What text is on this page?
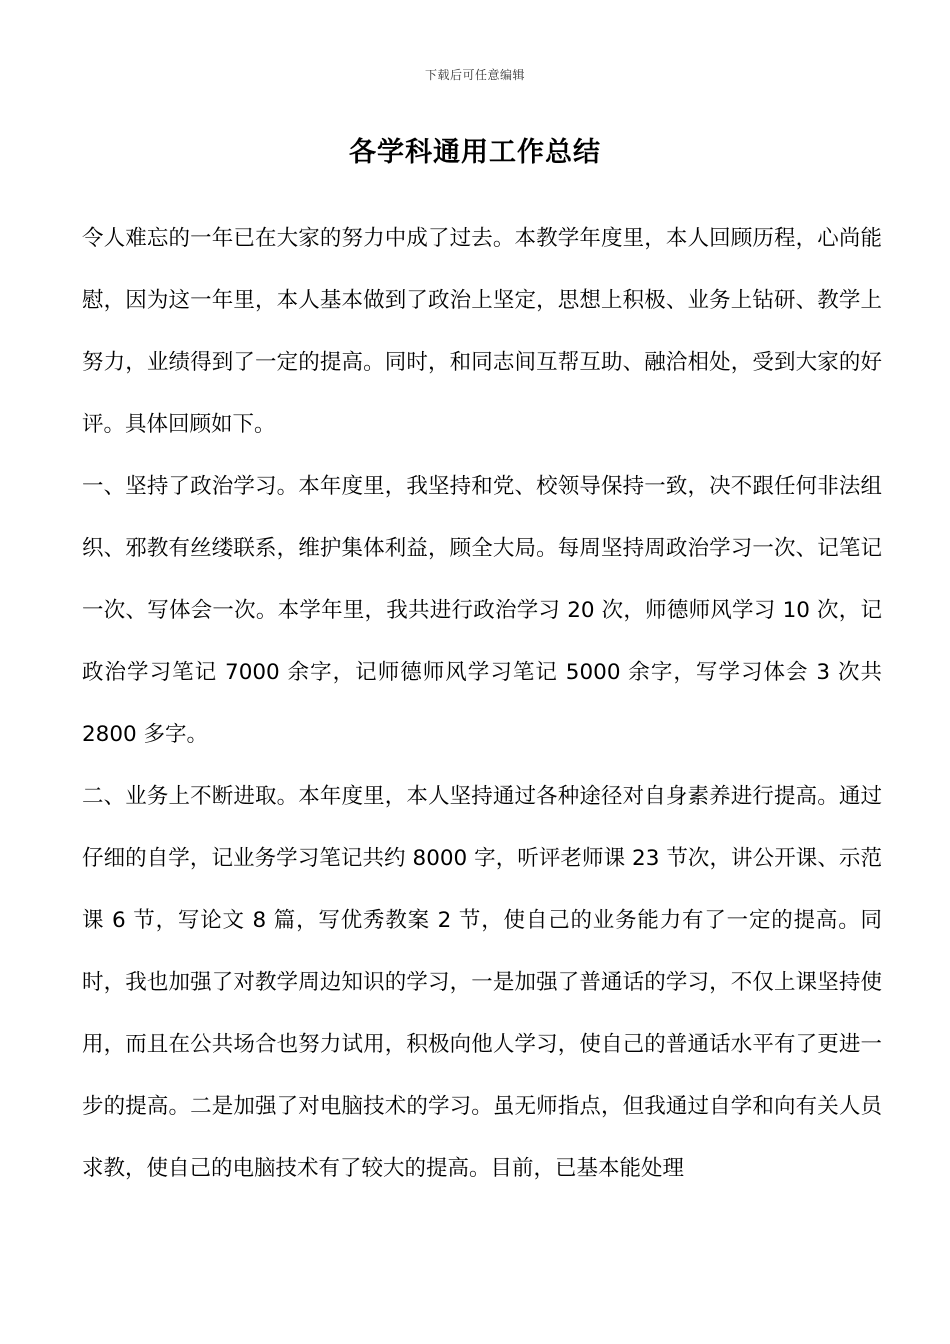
下载后可任意编辑
各学科通用工作总结

令人难忘的一年已在大家的努力中成了过去。本教学年度里，本人回顾历程，心尚能慰，因为这一年里，本人基本做到了政治上坚定，思想上积极、业务上钻研、教学上努力，业绩得到了一定的提高。同时，和同志间互帮互助、融洽相处，受到大家的好评。具体回顾如下。

一、坚持了政治学习。本年度里，我坚持和党、校领导保持一致，决不跟任何非法组织、邪教有丝缕联系，维护集体利益，顾全大局。每周坚持周政治学习一次、记笔记一次、写体会一次。本学年里，我共进行政治学习 20 次，师德师风学习 10 次，记政治学习笔记 7000 余字，记师德师风学习笔记 5000 余字，写学习体会 3 次共 2800 多字。

二、业务上不断进取。本年度里，本人坚持通过各种途径对自身素养进行提高。通过仔细的自学，记业务学习笔记共约 8000 字，听评老师课 23 节次，讲公开课、示范课 6 节，写论文 8 篇，写优秀教案 2 节，使自己的业务能力有了一定的提高。同时，我也加强了对教学周边知识的学习，一是加强了普通话的学习，不仅上课坚持使用，而且在公共场合也努力试用，积极向他人学习，使自己的普通话水平有了更进一步的提高。二是加强了对电脑技术的学习。虽无师指点，但我通过自学和向有关人员求教，使自己的电脑技术有了较大的提高。目前，已基本能处理
